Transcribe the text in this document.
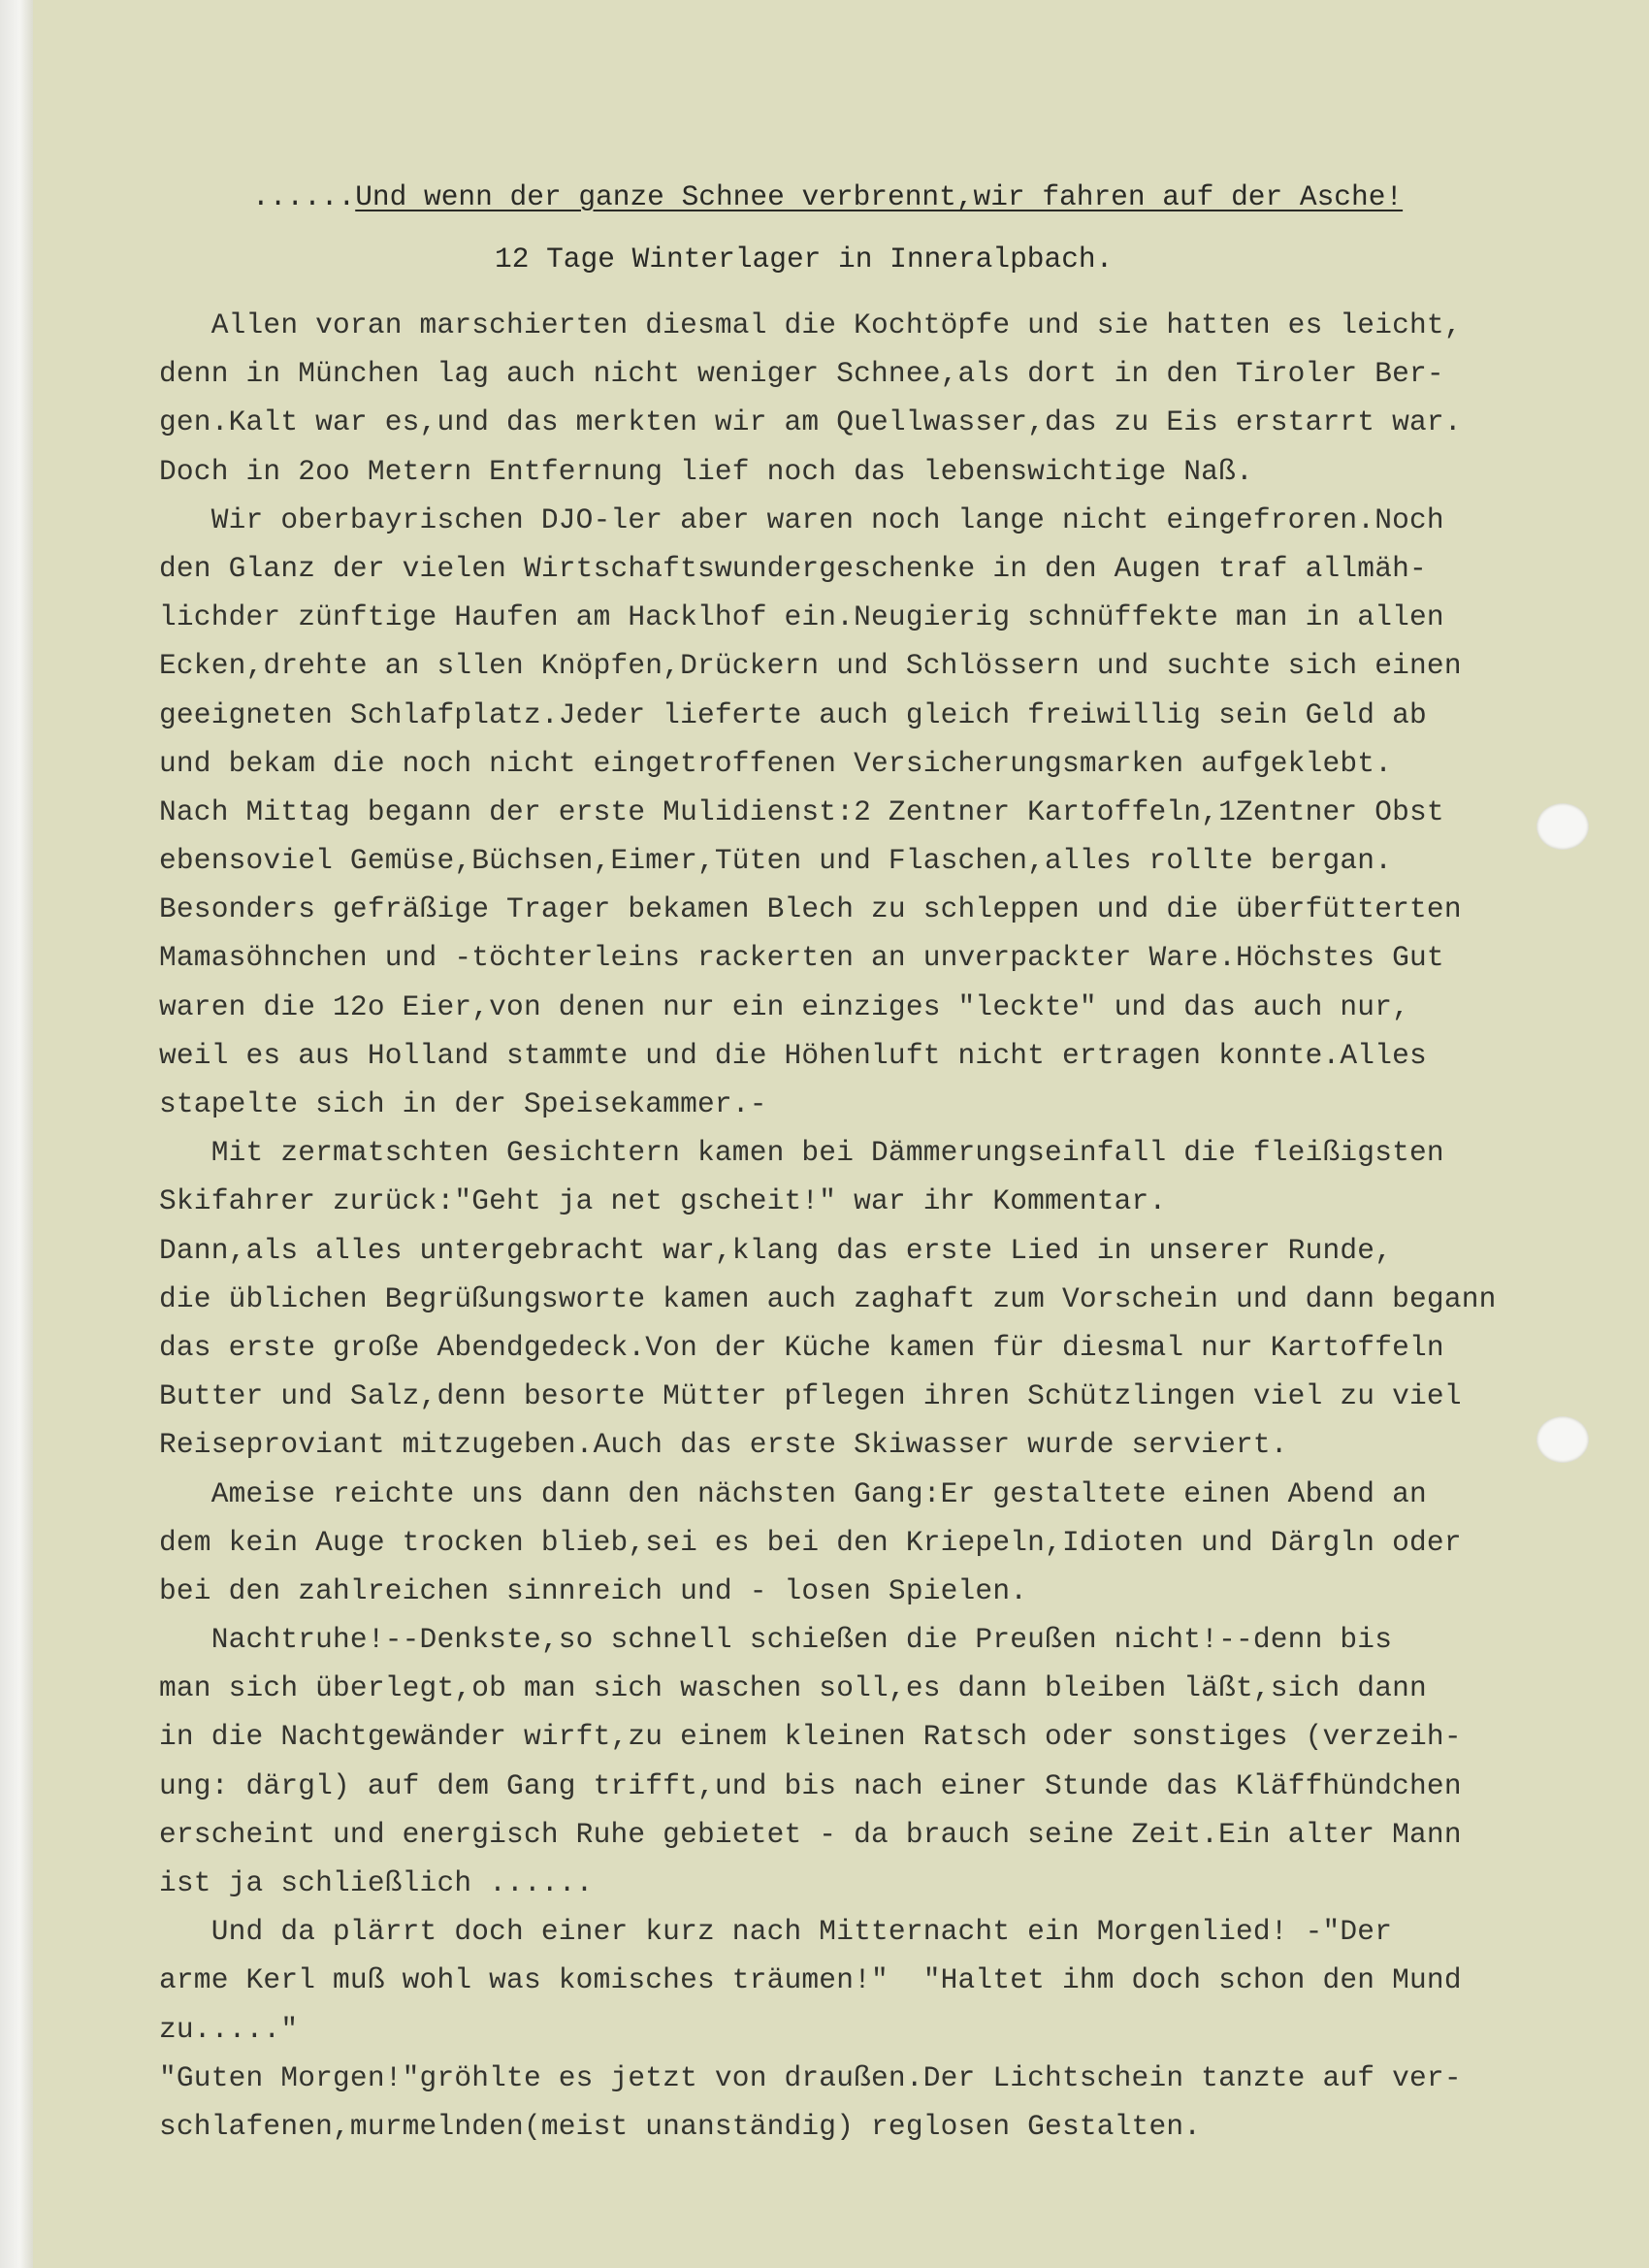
......Und wenn der ganze Schnee verbrennt,wir fahren auf der Asche!
12 Tage Winterlager in Inneralpbach.
Allen voran marschierten diesmal die Kochtöpfe und sie hatten es leicht,
denn in München lag auch nicht weniger Schnee,als dort in den Tiroler Ber-
gen.Kalt war es,und das merkten wir am Quellwasser,das zu Eis erstarrt war.
Doch in 2oo Metern Entfernung lief noch das lebenswichtige Naß.
Wir oberbayrischen DJO-ler aber waren noch lange nicht eingefroren.Noch
den Glanz der vielen Wirtschaftswundergeschenke in den Augen traf allmäh-
lichder zünftige Haufen am Hacklhof ein.Neugierig schnüffekte man in allen
Ecken,drehte an sllen Knöpfen,Drückern und Schlössern und suchte sich einen
geeigneten Schlafplatz.Jeder lieferte auch gleich freiwillig sein Geld ab
und bekam die noch nicht eingetroffenen Versicherungsmarken aufgeklebt.
Nach Mittag begann der erste Mulidienst:2 Zentner Kartoffeln,1Zentner Obst
ebensoviel Gemüse,Büchsen,Eimer,Tüten und Flaschen,alles rollte bergan.
Besonders gefräßige Trager bekamen Blech zu schleppen und die überfütterten
Mamasöhnchen und -töchterleins rackerten an unverpackter Ware.Höchstes Gut
waren die 12o Eier,von denen nur ein einziges "leckte" und das auch nur,
weil es aus Holland stammte und die Höhenluft nicht ertragen konnte.Alles
stapelte sich in der Speisekammer.-
Mit zermatschten Gesichtern kamen bei Dämmerungseinfall die fleißigsten
Skifahrer zurück:"Geht ja net gscheit!" war ihr Kommentar.
Dann,als alles untergebracht war,klang das erste Lied in unserer Runde,
die üblichen Begrüßungsworte kamen auch zaghaft zum Vorschein und dann begann
das erste große Abendgedeck.Von der Küche kamen für diesmal nur Kartoffeln
Butter und Salz,denn besorte Mütter pflegen ihren Schützlingen viel zu viel
Reiseproviant mitzugeben.Auch das erste Skiwasser wurde serviert.
Ameise reichte uns dann den nächsten Gang:Er gestaltete einen Abend an
dem kein Auge trocken blieb,sei es bei den Kriepeln,Idioten und Därgln oder
bei den zahlreichen sinnreich und - losen Spielen.
Nachtruhe!--Denkste,so schnell schießen die Preußen nicht!--denn bis
man sich überlegt,ob man sich waschen soll,es dann bleiben läßt,sich dann
in die Nachtgewänder wirft,zu einem kleinen Ratsch oder sonstiges (verzeih-
ung: därgl) auf dem Gang trifft,und bis nach einer Stunde das Kläffhündchen
erscheint und energisch Ruhe gebietet - da brauch seine Zeit.Ein alter Mann
ist ja schließlich ......
Und da plärrt doch einer kurz nach Mitternacht ein Morgenlied! -"Der
arme Kerl muß wohl was komisches träumen!"  "Haltet ihm doch schon den Mund
zu....."
"Guten Morgen!"gröhlte es jetzt von draußen.Der Lichtschein tanzte auf ver-
schlafenen,murmelnden(meist unanständig) reglosen Gestalten.
